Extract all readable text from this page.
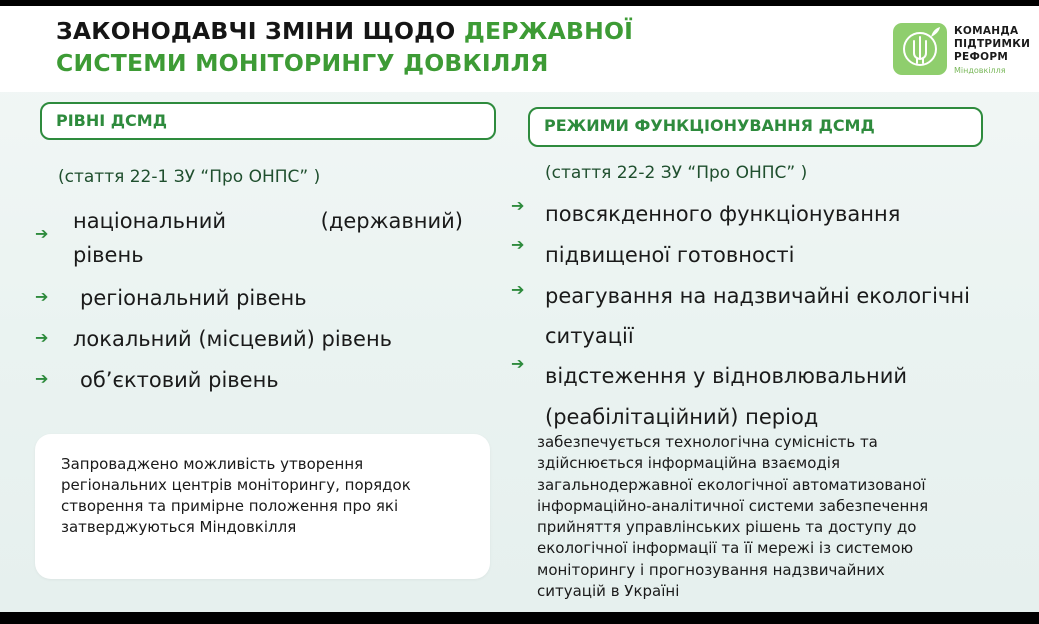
ЗАКОНОДАВЧІ ЗМІНИ ЩОДО ДЕРЖАВНОЇ
СИСТЕМИ МОНІТОРИНГУ ДОВКІЛЛЯ
КОМАНДА
ПІДТРИМКИ
РЕФОРМ
Міндовкілля
РІВНІ ДСМД
(стаття 22-1 ЗУ “Про ОНПС” )
➔
національний (державний)
рівень
➔ регіональний рівень
➔ локальний (місцевий) рівень
➔ об’єктовий рівень
Запроваджено можливість утворення регіональних центрів моніторингу, порядок створення та примірне положення про які затверджуються Міндовкілля
РЕЖИМИ ФУНКЦІОНУВАННЯ ДСМД
(стаття 22-2 ЗУ “Про ОНПС” )
➔ повсякденного функціонування
➔ підвищеної готовності
➔ реагування на надзвичайні екологічні
ситуації
➔
відстеження у відновлювальний
(реабілітаційний) період
забезпечується технологічна сумісність та
здійснюється інформаційна взаємодія
загальнодержавної екологічної автоматизованої
інформаційно-аналітичної системи забезпечення
прийняття управлінських рішень та доступу до
екологічної інформації та її мережі із системою
моніторингу і прогнозування надзвичайних
ситуацій в Україні
